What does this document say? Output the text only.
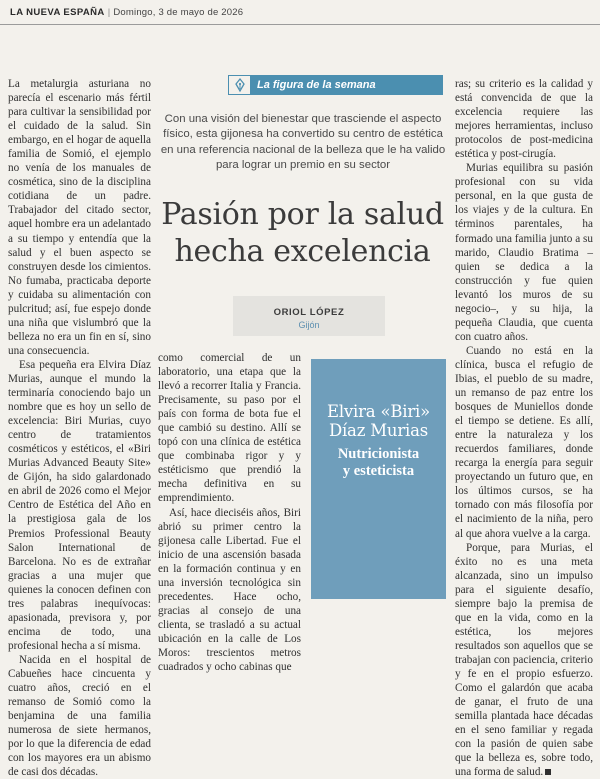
LA NUEVA ESPAÑA | Domingo, 3 de mayo de 2026

La metalurgia asturiana no parecía el escenario más fértil para cultivar la sensibilidad por el cuidado de la salud. Sin embargo, en el hogar de aquella familia de Somió, el ejemplo no venía de los manuales de cosmética, sino de la disciplina cotidiana de un padre. Trabajador del citado sector, aquel hombre era un adelantado a su tiempo y entendía que la salud y el buen aspecto se construyen desde los cimientos. No fumaba, practicaba deporte y cuidaba su alimentación con pulcritud; así, fue espejo donde una niña que vislumbró que la belleza no era un fin en sí, sino una consecuencia.

Esa pequeña era Elvira Díaz Murias, aunque el mundo la terminaría conociendo bajo un nombre que es hoy un sello de excelencia: Biri Murias, cuyo centro de tratamientos cosméticos y estéticos, el «Biri Murias Advanced Beauty Site» de Gijón, ha sido galardonado en abril de 2026 como el Mejor Centro de Estética del Año en la prestigiosa gala de los Premios Professional Beauty Salon International de Barcelona. No es de extrañar gracias a una mujer que quienes la conocen definen con tres palabras inequívocas: apasionada, previsora y, por encima de todo, una profesional hecha a sí misma.

Nacida en el hospital de Cabueñes hace cincuenta y cuatro años, creció en el remanso de Somió como la benjamina de una familia numerosa de siete hermanos, por lo que la diferencia de edad con los mayores era un abismo de casi dos décadas.

La figura de la semana
Con una visión del bienestar que trasciende el aspecto físico, esta gijonesa ha convertido su centro de estética en una referencia nacional de la belleza que le ha valido para lograr un premio en su sector
Pasión por la salud
hecha excelencia
ORIOL LÓPEZ
Gijón

como comercial de un laboratorio, una etapa que la llevó a recorrer Italia y Francia. Precisamente, su paso por el país con forma de bota fue el que cambió su destino. Allí se topó con una clínica de estética que combinaba rigor y y estéticismo que prendió la mecha definitiva en su emprendimiento.

Así, hace dieciséis años, Biri abrió su primer centro la gijonesa calle Libertad. Fue el inicio de una ascensión basada en la formación continua y en una inversión tecnológica sin precedentes. Hace ocho, gracias al consejo de una clienta, se trasladó a su actual ubicación en la calle de Los Moros: trescientos metros cuadrados y ocho cabinas que

Elvira «Biri»
Díaz Murias
Nutricionista
y esteticista

ras; su criterio es la calidad y está convencida de que la excelencia requiere las mejores herramientas, incluso protocolos de post-medicina estética y post-cirugía.

Murias equilibra su pasión profesional con su vida personal, en la que gusta de los viajes y de la cultura. En términos parentales, ha formado una familia junto a su marido, Claudio Bratima –quien se dedica a la construcción y fue quien levantó los muros de su negocio–, y su hija, la pequeña Claudia, que cuenta con cuatro años.

Cuando no está en la clínica, busca el refugio de Ibias, el pueblo de su madre, un remanso de paz entre los bosques de Muniellos donde el tiempo se detiene. Es allí, entre la naturaleza y los recuerdos familiares, donde recarga la energía para seguir proyectando un futuro que, en los últimos cursos, se ha tornado con más filosofía por el nacimiento de la niña, pero al que ahora vuelve a la carga.

Porque, para Murias, el éxito no es una meta alcanzada, sino un impulso para el siguiente desafío, siempre bajo la premisa de que en la vida, como en la estética, los mejores resultados son aquellos que se trabajan con paciencia, criterio y fe en el propio esfuerzo. Como el galardón que acaba de ganar, el fruto de una semilla plantada hace décadas en el seno familiar y regada con la pasión de quien sabe que la belleza es, sobre todo, una forma de salud.
